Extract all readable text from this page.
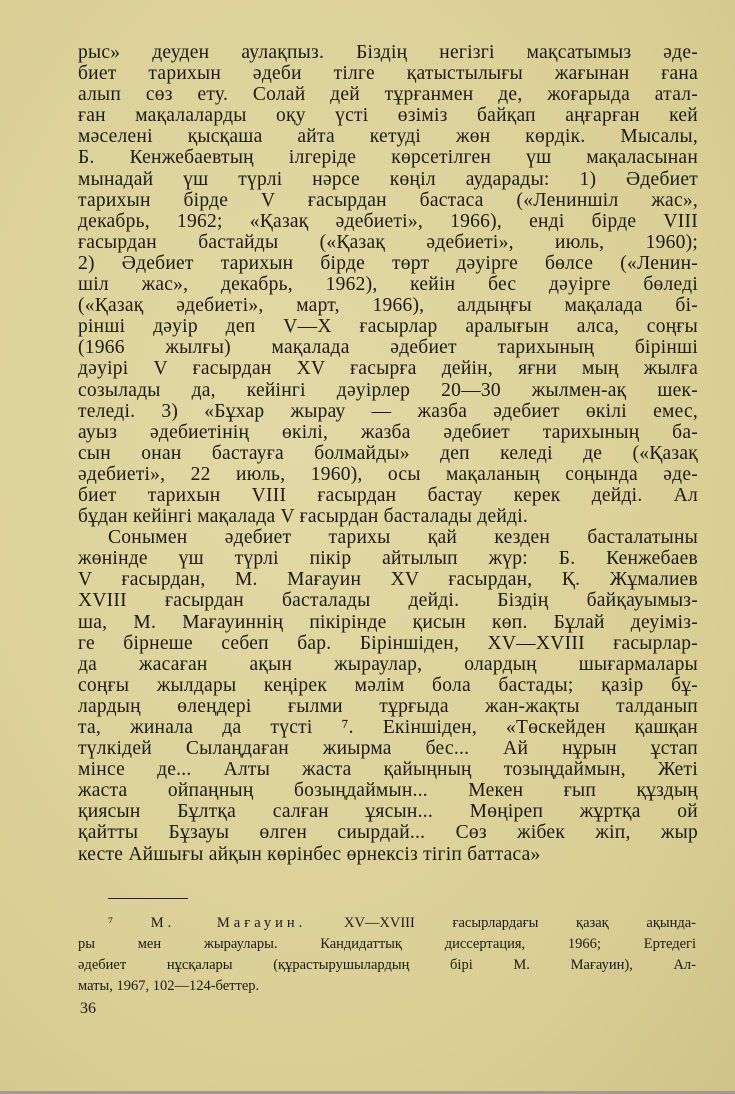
рыс» деуден аулақпыз. Біздің негізгі мақсатымыз әде-
биет тарихын әдеби тілге қатыстылығы жағынан ғана
алып сөз ету. Солай дей тұрғанмен де, жоғарыда атал-
ған мақалаларды оқу үсті өзіміз байқап аңғарған кей
мәселені қысқаша айта кетуді жөн көрдік. Мысалы,
Б. Кенжебаевтың ілгеріде көрсетілген үш мақаласынан
мынадай үш түрлі нәрсе көңіл аударады: 1) Әдебиет
тарихын бірде V ғасырдан бастаса («Лениншіл жас»,
декабрь, 1962; «Қазақ әдебиеті», 1966), енді бірде VIII
ғасырдан бастайды («Қазақ әдебиеті», июль, 1960);
2) Әдебиет тарихын бірде төрт дәуірге бөлсе («Ленин-
шіл жас», декабрь, 1962), кейін бес дәуірге бөледі
(«Қазақ әдебиеті», март, 1966), алдыңғы мақалада бі-
рінші дәуір деп V—X ғасырлар аралығын алса, соңғы
(1966 жылғы) мақалада әдебиет тарихының бірінші
дәуірі V ғасырдан XV ғасырға дейін, яғни мың жылға
созылады да, кейінгі дәуірлер 20—30 жылмен-ақ шек-
теледі. 3) «Бұхар жырау — жазба әдебиет өкілі емес,
ауыз әдебиетінің өкілі, жазба әдебиет тарихының ба-
сын онан бастауға болмайды» деп келеді де («Қазақ
әдебиеті», 22 июль, 1960), осы мақаланың соңында әде-
биет тарихын VIII ғасырдан бастау керек дейді. Ал
бұдан кейінгі мақалада V ғасырдан басталады дейді.
Сонымен әдебиет тарихы қай кезден басталатыны
жөнінде үш түрлі пікір айтылып жүр: Б. Кенжебаев
V ғасырдан, М. Мағауин XV ғасырдан, Қ. Жұмалиев
XVIII ғасырдан басталады дейді. Біздің байқауымыз-
ша, М. Мағауиннің пікірінде қисын көп. Бұлай деуіміз-
ге бірнеше себеп бар. Біріншіден, XV—XVIII ғасырлар-
да жасаған ақын жыраулар, олардың шығармалары
соңғы жылдары кеңірек мәлім бола бастады; қазір бұ-
лардың өлеңдері ғылми тұрғыда жан-жақты талданып
та, жинала да түсті ⁷. Екіншіден, «Төскейден қашқан
түлкідей Сылаңдаған жиырма бес... Ай нұрын ұстап
мінсе де... Алты жаста қайыңның тозыңдаймын, Жеті
жаста ойпаңның бозыңдаймын... Мекен ғып құздың
қиясын Бұлтқа салған ұясын... Мөңіреп жұртқа ой
қайтты Бұзауы өлген сиырдай... Сөз жібек жіп, жыр
кесте Айшығы айқын көрінбес өрнексіз тігіп баттаса»
⁷	М. Мағауин.	XV—XVIII ғасырлардағы қазақ ақында-
ры мен жыраулары. Кандидаттық диссертация, 1966; Ертедегі
әдебиет нұсқалары (құрастырушылардың бірі М. Мағауин), Ал-
маты, 1967, 102—124-беттер.
36
